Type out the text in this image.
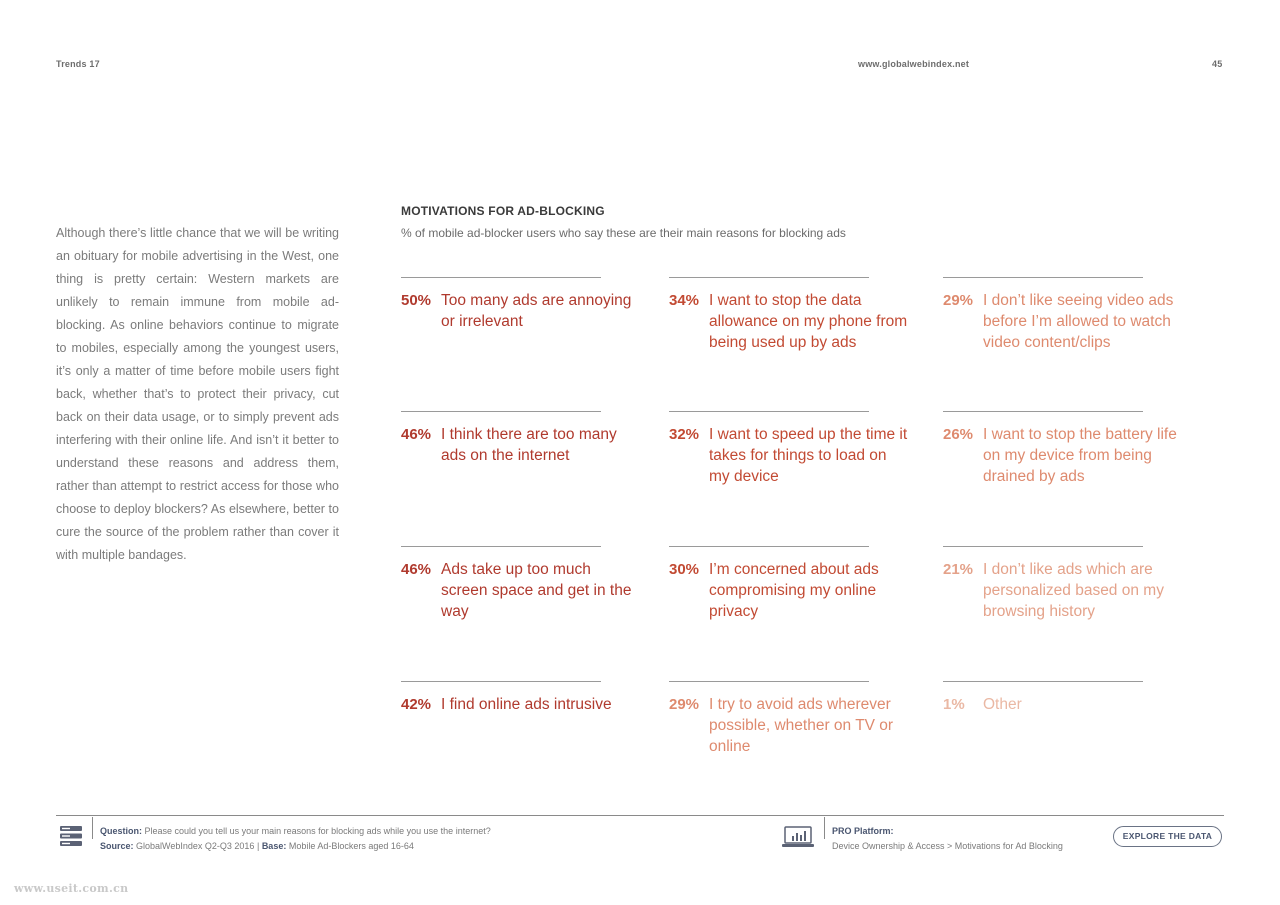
Trends 17	www.globalwebindex.net	45
Although there’s little chance that we will be writing an obituary for mobile advertising in the West, one thing is pretty certain: Western markets are unlikely to remain immune from mobile ad-blocking. As online behaviors continue to migrate to mobiles, especially among the youngest users, it’s only a matter of time before mobile users fight back, whether that’s to protect their privacy, cut back on their data usage, or to simply prevent ads interfering with their online life. And isn’t it better to understand these reasons and address them, rather than attempt to restrict access for those who choose to deploy blockers? As elsewhere, better to cure the source of the problem rather than cover it with multiple bandages.
MOTIVATIONS FOR AD-BLOCKING
% of mobile ad-blocker users who say these are their main reasons for blocking ads
50% Too many ads are annoying or irrelevant
46% I think there are too many ads on the internet
46% Ads take up too much screen space and get in the way
42% I find online ads intrusive
34% I want to stop the data allowance on my phone from being used up by ads
32% I want to speed up the time it takes for things to load on my device
30% I’m concerned about ads compromising my online privacy
29% I try to avoid ads wherever possible, whether on TV or online
29% I don’t like seeing video ads before I’m allowed to watch video content/clips
26% I want to stop the battery life on my device from being drained by ads
21% I don’t like ads which are personalized based on my browsing history
1%	Other
Question: Please could you tell us your main reasons for blocking ads while you use the internet?
Source: GlobalWebIndex Q2-Q3 2016 | Base: Mobile Ad-Blockers aged 16-64
PRO Platform:
Device Ownership & Access > Motivations for Ad Blocking
EXPLORE THE DATA
www.useit.com.cn
